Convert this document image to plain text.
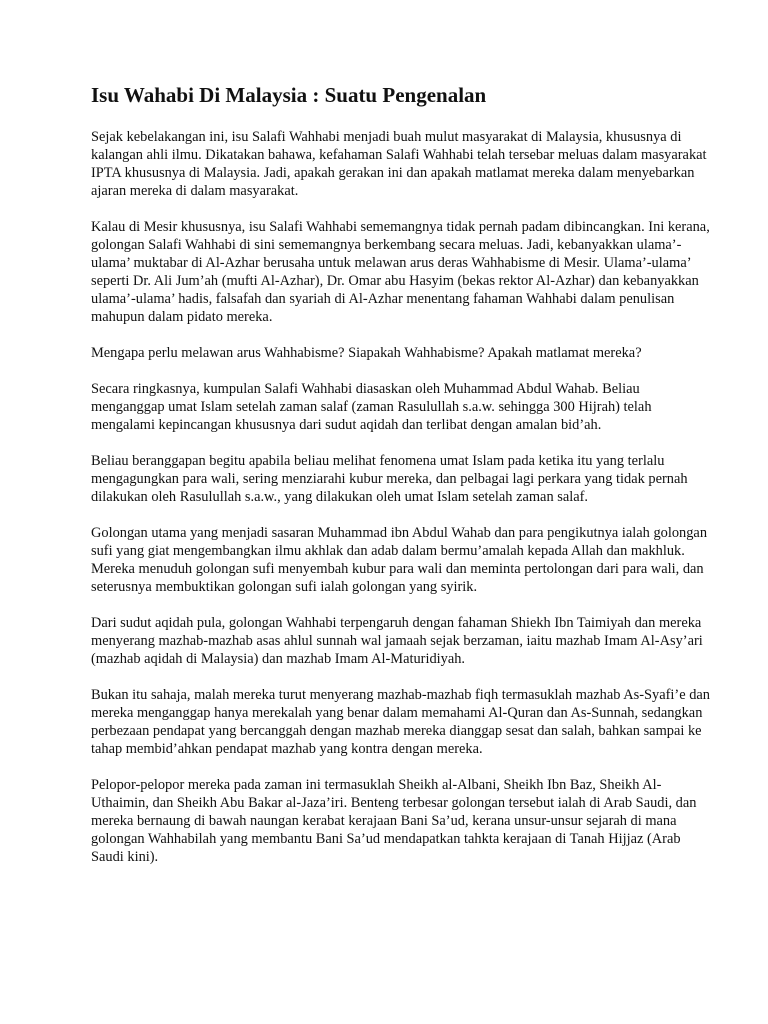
Isu Wahabi Di Malaysia : Suatu Pengenalan

Sejak kebelakangan ini, isu Salafi Wahhabi menjadi buah mulut masyarakat di Malaysia, khususnya di kalangan ahli ilmu. Dikatakan bahawa, kefahaman Salafi Wahhabi telah tersebar meluas dalam masyarakat IPTA khususnya di Malaysia. Jadi, apakah gerakan ini dan apakah matlamat mereka dalam menyebarkan ajaran mereka di dalam masyarakat.

Kalau di Mesir khususnya, isu Salafi Wahhabi sememangnya tidak pernah padam dibincangkan. Ini kerana, golongan Salafi Wahhabi di sini sememangnya berkembang secara meluas. Jadi, kebanyakkan ulama’-ulama’ muktabar di Al-Azhar berusaha untuk melawan arus deras Wahhabisme di Mesir. Ulama’-ulama’ seperti Dr. Ali Jum’ah (mufti Al-Azhar), Dr. Omar abu Hasyim (bekas rektor Al-Azhar) dan kebanyakkan ulama’-ulama’ hadis, falsafah dan syariah di Al-Azhar menentang fahaman Wahhabi dalam penulisan mahupun dalam pidato mereka.

Mengapa perlu melawan arus Wahhabisme? Siapakah Wahhabisme? Apakah matlamat mereka?

Secara ringkasnya, kumpulan Salafi Wahhabi diasaskan oleh Muhammad Abdul Wahab. Beliau menganggap umat Islam setelah zaman salaf (zaman Rasulullah s.a.w. sehingga 300 Hijrah) telah mengalami kepincangan khususnya dari sudut aqidah dan terlibat dengan amalan bid’ah.

Beliau beranggapan begitu apabila beliau melihat fenomena umat Islam pada ketika itu yang terlalu mengagungkan para wali, sering menziarahi kubur mereka, dan pelbagai lagi perkara yang tidak pernah dilakukan oleh Rasulullah s.a.w., yang dilakukan oleh umat Islam setelah zaman salaf.

Golongan utama yang menjadi sasaran Muhammad ibn Abdul Wahab dan para pengikutnya ialah golongan sufi yang giat mengembangkan ilmu akhlak dan adab dalam bermu’amalah kepada Allah dan makhluk. Mereka menuduh golongan sufi menyembah kubur para wali dan meminta pertolongan dari para wali, dan seterusnya membuktikan golongan sufi ialah golongan yang syirik.

Dari sudut aqidah pula, golongan Wahhabi terpengaruh dengan fahaman Shiekh Ibn Taimiyah dan mereka menyerang mazhab-mazhab asas ahlul sunnah wal jamaah sejak berzaman, iaitu mazhab Imam Al-Asy’ari (mazhab aqidah di Malaysia) dan mazhab Imam Al-Maturidiyah.

Bukan itu sahaja, malah mereka turut menyerang mazhab-mazhab fiqh termasuklah mazhab As-Syafi’e dan mereka menganggap hanya merekalah yang benar dalam memahami Al-Quran dan As-Sunnah, sedangkan perbezaan pendapat yang bercanggah dengan mazhab mereka dianggap sesat dan salah, bahkan sampai ke tahap membid’ahkan pendapat mazhab yang kontra dengan mereka.

Pelopor-pelopor mereka pada zaman ini termasuklah Sheikh al-Albani, Sheikh Ibn Baz, Sheikh Al-Uthaimin, dan Sheikh Abu Bakar al-Jaza’iri. Benteng terbesar golongan tersebut ialah di Arab Saudi, dan mereka bernaung di bawah naungan kerabat kerajaan Bani Sa’ud, kerana unsur-unsur sejarah di mana golongan Wahhabilah yang membantu Bani Sa’ud mendapatkan tahkta kerajaan di Tanah Hijjaz (Arab Saudi kini).
